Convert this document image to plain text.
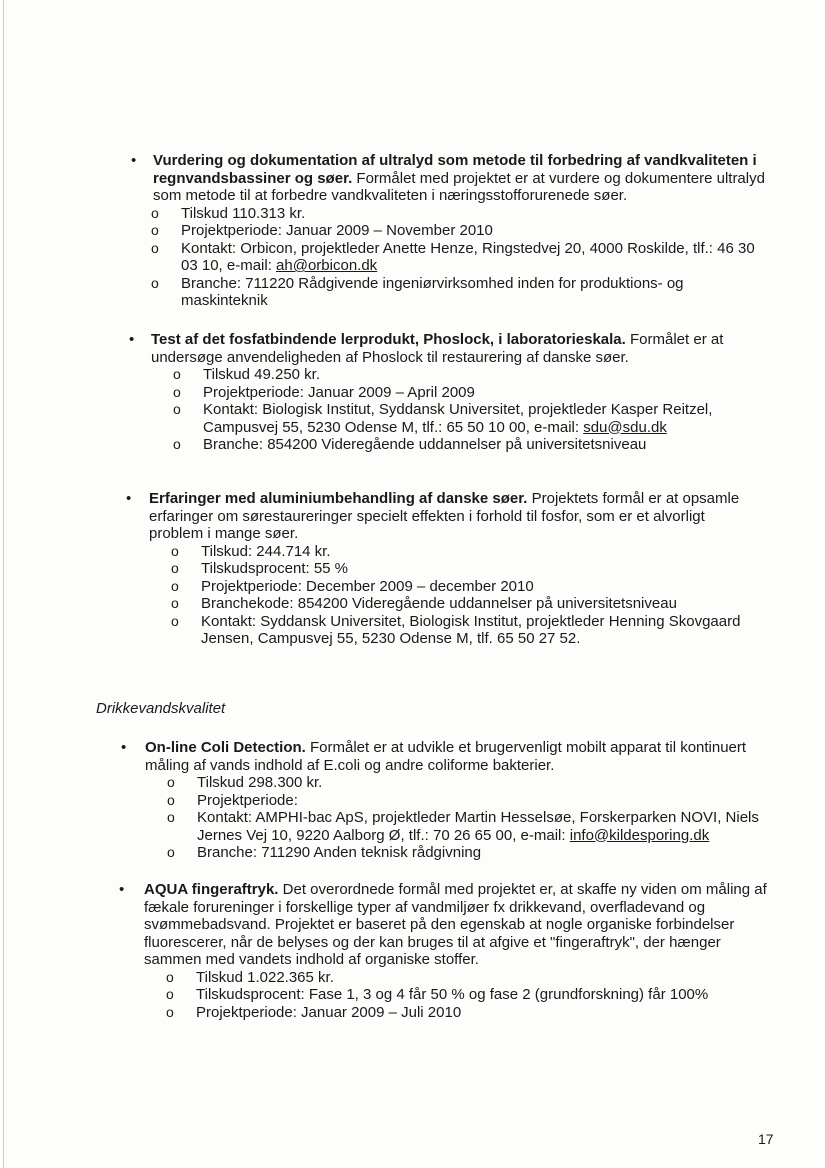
• Vurdering og dokumentation af ultralyd som metode til forbedring af vandkvaliteten i regnvandsbassiner og søer. Formålet med projektet er at vurdere og dokumentere ultralyd som metode til at forbedre vandkvaliteten i næringsstofforurenede søer.

o Tilskud 110.313 kr.
o Projektperiode: Januar 2009 – November 2010
o Kontakt: Orbicon, projektleder Anette Henze, Ringstedvej 20, 4000 Roskilde, tlf.: 46 30 03 10, e-mail: ah@orbicon.dk
o Branche: 711220 Rådgivende ingeniørvirksomhed inden for produktions- og maskinteknik
• Test af det fosfatbindende lerprodukt, Phoslock, i laboratorieskala. Formålet er at undersøge anvendeligheden af Phoslock til restaurering af danske søer.

o Tilskud 49.250 kr.
o Projektperiode: Januar 2009 – April 2009
o Kontakt: Biologisk Institut, Syddansk Universitet, projektleder Kasper Reitzel, Campusvej 55, 5230 Odense M, tlf.: 65 50 10 00, e-mail: sdu@sdu.dk
o Branche: 854200 Videregående uddannelser på universitetsniveau
• Erfaringer med aluminiumbehandling af danske søer. Projektets formål er at opsamle erfaringer om sørestaureringer specielt effekten i forhold til fosfor, som er et alvorligt problem i mange søer.

o Tilskud: 244.714 kr.
o Tilskudsprocent: 55 %
o Projektperiode: December 2009 – december 2010
o Branchekode: 854200 Videregående uddannelser på universitetsniveau
o Kontakt: Syddansk Universitet, Biologisk Institut, projektleder Henning Skovgaard Jensen, Campusvej 55, 5230 Odense M, tlf. 65 50 27 52.
Drikkevandskvalitet
• On-line Coli Detection. Formålet er at udvikle et brugervenligt mobilt apparat til kontinuert måling af vands indhold af E.coli og andre coliforme bakterier.

o Tilskud 298.300 kr.
o Projektperiode:
o Kontakt: AMPHI-bac ApS, projektleder Martin Hesselsøe, Forskerparken NOVI, Niels Jernes Vej 10, 9220 Aalborg Ø, tlf.: 70 26 65 00, e-mail: info@kildesporing.dk
o Branche: 711290 Anden teknisk rådgivning
• AQUA fingeraftryk. Det overordnede formål med projektet er, at skaffe ny viden om måling af fækale forureninger i forskellige typer af vandmiljøer fx drikkevand, overfladevand og svømmebadsvand. Projektet er baseret på den egenskab at nogle organiske forbindelser fluorescerer, når de belyses og der kan bruges til at afgive et "fingeraftryk", der hænger sammen med vandets indhold af organiske stoffer.

o Tilskud 1.022.365 kr.
o Tilskudsprocent: Fase 1, 3 og 4 får 50 % og fase 2 (grundforskning) får 100%
o Projektperiode: Januar 2009 – Juli 2010
17
